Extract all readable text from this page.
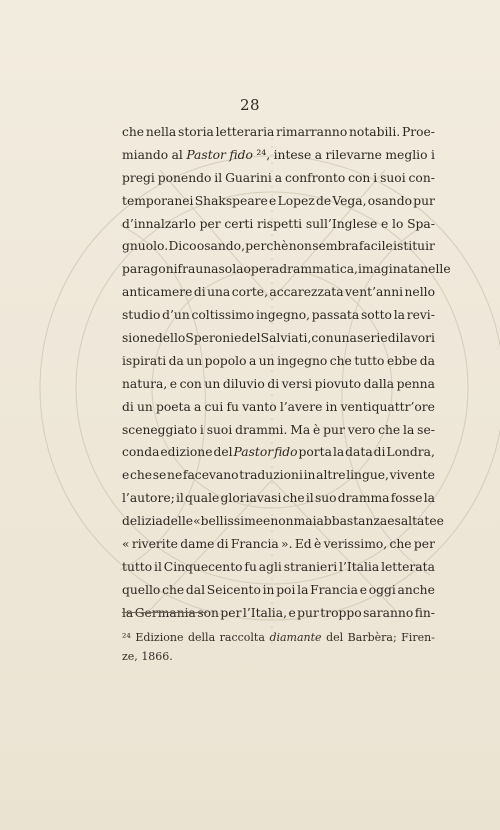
28
che nella storia letteraria rimarranno notabili. Proe-
miando al Pastor fido ²⁴, intese a rilevarne meglio i
pregi ponendo il Guarini a confronto con i suoi con-
temporanei Shakspeare e Lopez de Vega, osando pur
d’innalzarlo per certi rispetti sull’Inglese e lo Spa-
gnuolo. Dico osando, perchè non sembra facile istituir
paragoni fra una sola opera drammatica, imaginata nelle
anticamere di una corte, accarezzata vent’anni nello
studio d’un coltissimo ingegno, passata sotto la revi-
sione dello Speroni e del Salviati, con una serie di lavori
ispirati da un popolo a un ingegno che tutto ebbe da
natura, e con un diluvio di versi piovuto dalla penna
di un poeta a cui fu vanto l’avere in ventiquattr’ore
sceneggiato i suoi drammi. Ma è pur vero che la se-
conda edizione del Pastor fido porta la data di Londra,
e che se ne facevano traduzioni in altre lingue, vivente
l’autore; il quale gloriavasi che il suo dramma fosse la
delizia delle « bellissime e non mai abbastanza esaltate e
« riverite dame di Francia ». Ed è verissimo, che per
tutto il Cinquecento fu agli stranieri l’Italia letterata
quello che dal Seicento in poi la Francia e oggi anche
la Germania son per l’Italia, e pur troppo saranno fin-
²⁴ Edizione della raccolta diamante del Barbèra; Firen-
ze, 1866.
